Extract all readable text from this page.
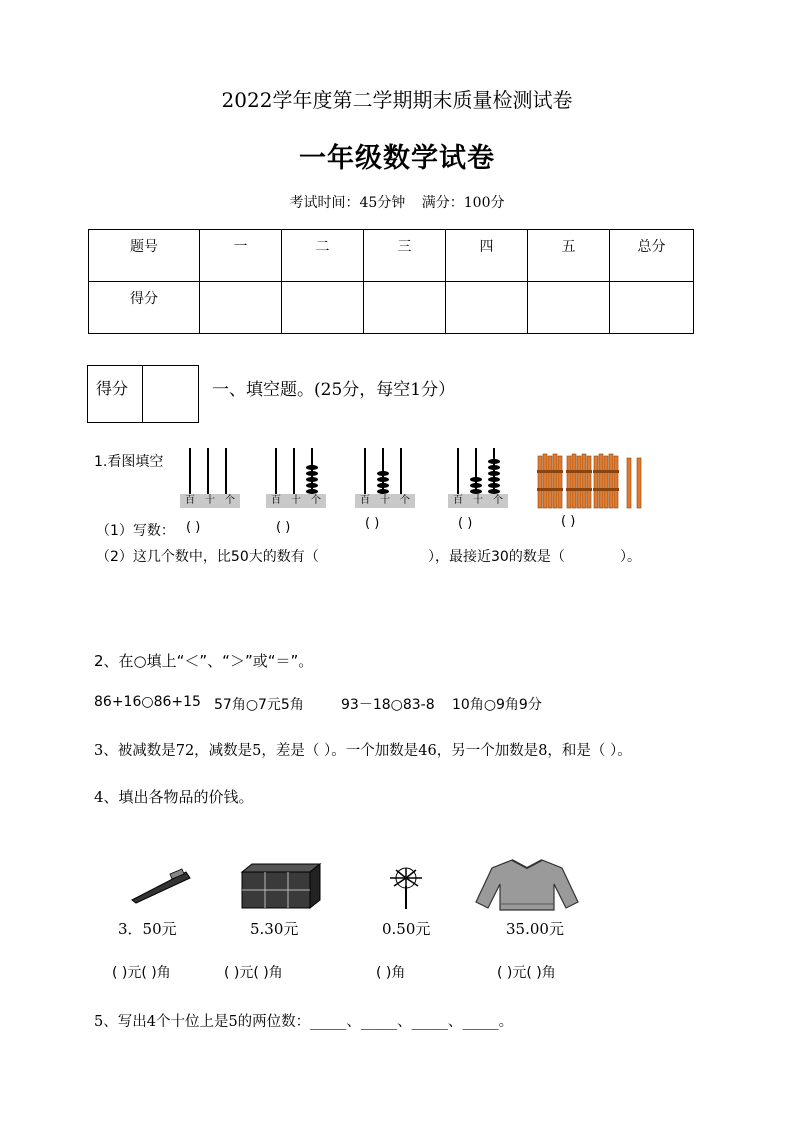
2022学年度第二学期期末质量检测试卷
一年级数学试卷
考试时间：45分钟 满分：100分
题号	一	二	三	四	五	总分
得分						
得分	一、填空题。(25分，每空1分）
1.看图填空
百 十 个	百 十 个	百 十 个	百 十 个
（1）写数： ( )	( )	( )	( )	( )
（2）这几个数中，比50大的数有（	），最接近30的数是（	）。
2、在○填上“＜”、“＞”或“＝”。
86+16○86+15 57角○7元5角	93－18○83-8 10角○9角9分
3、被减数是72，减数是5，差是（ ）。一个加数是46，另一个加数是8，和是（ ）。
4、填出各物品的价钱。
3．50元	5.30元	0.50元	35.00元
( )元( )角	( )元( )角	( )角	( )元( )角
5、写出4个十位上是5的两位数：_____、_____、_____、_____。
